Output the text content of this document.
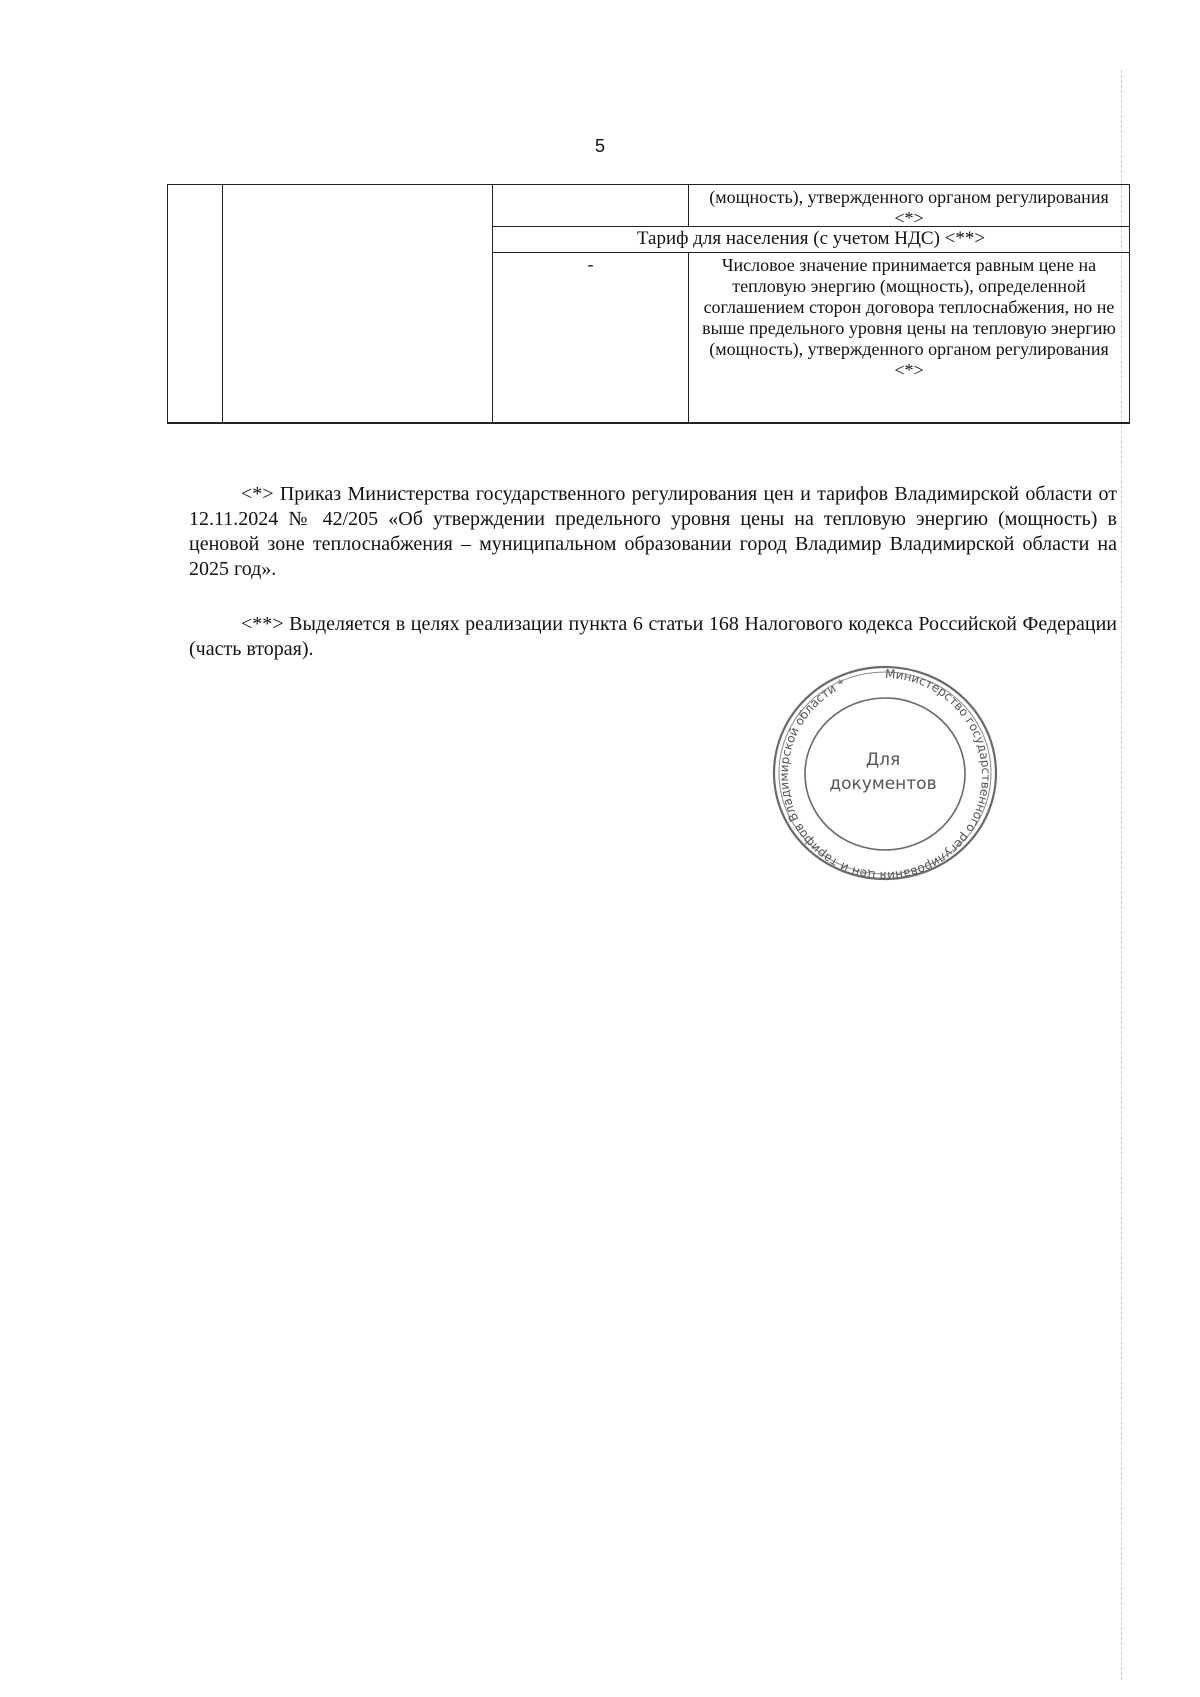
5

			(мощность), утвержденного органом регулирования <*>

		Тариф для населения (с учетом НДС) <**>	

		-	Числовое значение принимается равным цене на тепловую энергию (мощность), определенной соглашением сторон договора теплоснабжения, но не выше предельного уровня цены на тепловую энергию (мощность), утвержденного органом регулирования <*>

<*> Приказ Министерства государственного регулирования цен и тарифов Владимирской области от 12.11.2024 № 42/205 «Об утверждении предельного уровня цены на тепловую энергию (мощность) в ценовой зоне теплоснабжения – муниципальном образовании город Владимир Владимирской области на 2025 год».

<**> Выделяется в целях реализации пункта 6 статьи 168 Налогового кодекса Российской Федерации (часть вторая).

Министерство государственного регулирования цен и тарифов Владимирской области *
Для
документов
